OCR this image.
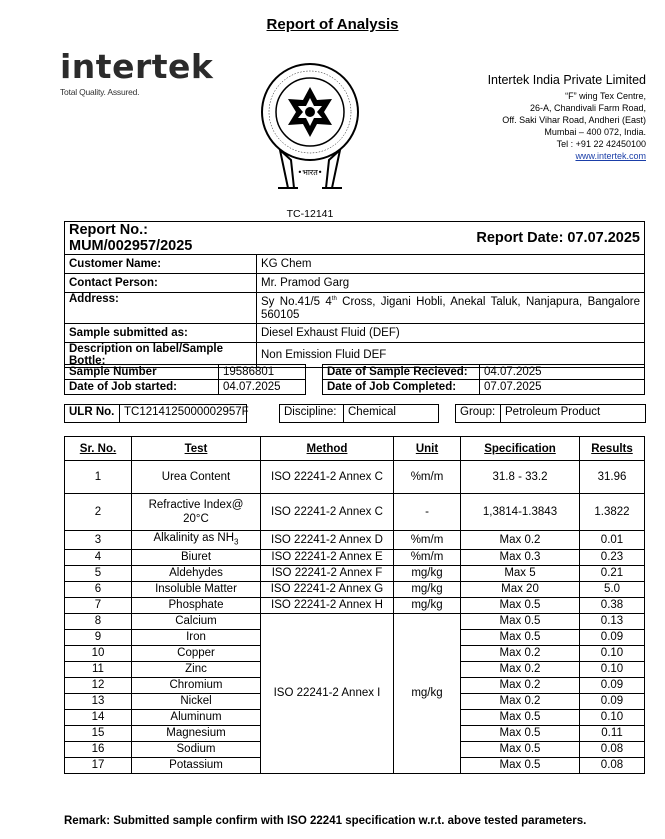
Report of Analysis
intertek
Total Quality. Assured.
•भारत•
TC-12141
Intertek India Private Limited
“F” wing Tex Centre,
26-A, Chandivali Farm Road,
Off. Saki Vihar Road, Andheri (East)
Mumbai – 400 072, India.
Tel : +91 22 42450100
www.intertek.com
Report No.: MUM/002957/2025	Report Date: 07.07.2025
Customer Name:	KG Chem
Contact Person:	Mr. Pramod Garg
Address:	Sy No.41/5 4th Cross, Jigani Hobli, Anekal Taluk, Nanjapura, Bangalore 560105
Sample submitted as:	Diesel Exhaust Fluid (DEF)
Description on label/Sample Bottle:	Non Emission Fluid DEF
Sample Number	19586801		Date of Sample Recieved:	04.07.2025
Date of Job started:	04.07.2025		Date of Job Completed:	07.07.2025
ULR No. TC1214125000002957F	Discipline: Chemical	Group: Petroleum Product
Sr. No.	Test	Method	Unit	Specification	Results
1	Urea Content	ISO 22241-2 Annex C	%m/m	31.8 - 33.2	31.96
2	Refractive Index@ 20°C	ISO 22241-2 Annex C	-	1,3814-1.3843	1.3822
3	Alkalinity as $NH_3$	ISO 22241-2 Annex D	%m/m	Max 0.2	0.01
4	Biuret	ISO 22241-2 Annex E	%m/m	Max 0.3	0.23
5	Aldehydes	ISO 22241-2 Annex F	mg/kg	Max 5	0.21
6	Insoluble Matter	ISO 22241-2 Annex G	mg/kg	Max 20	5.0
7	Phosphate	ISO 22241-2 Annex H	mg/kg	Max 0.5	0.38
8	Calcium	ISO 22241-2 Annex I	mg/kg	Max 0.5	0.13
9	Iron			Max 0.5	0.09
10	Copper			Max 0.2	0.10
11	Zinc			Max 0.2	0.10
12	Chromium			Max 0.2	0.09
13	Nickel			Max 0.2	0.09
14	Aluminum			Max 0.5	0.10
15	Magnesium			Max 0.5	0.11
16	Sodium			Max 0.5	0.08
17	Potassium			Max 0.5	0.08
Remark: Submitted sample confirm with ISO 22241 specification w.r.t. above tested parameters.
